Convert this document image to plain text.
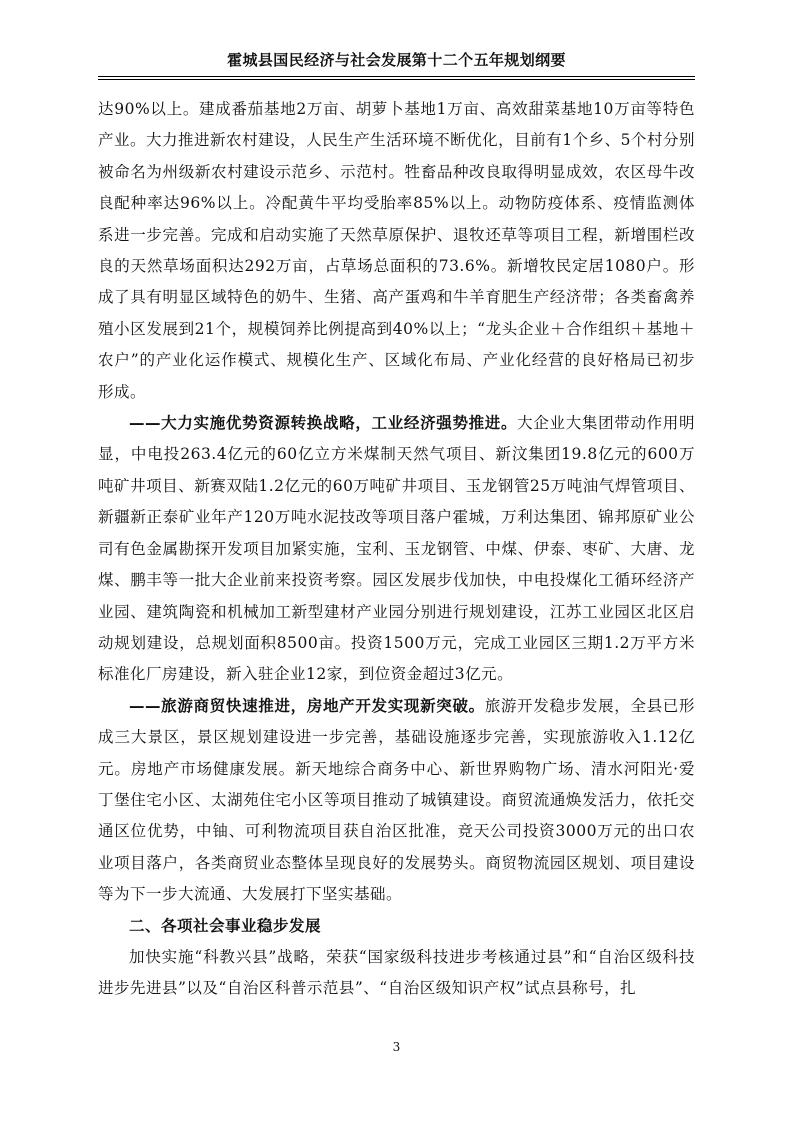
霍城县国民经济与社会发展第十二个五年规划纲要

达90%以上。建成番茄基地2万亩、胡萝卜基地1万亩、高效甜菜基地10万亩等特色产业。大力推进新农村建设，人民生产生活环境不断优化，目前有1个乡、5个村分别被命名为州级新农村建设示范乡、示范村。牲畜品种改良取得明显成效，农区母牛改良配种率达96%以上。冷配黄牛平均受胎率85%以上。动物防疫体系、疫情监测体系进一步完善。完成和启动实施了天然草原保护、退牧还草等项目工程，新增围栏改良的天然草场面积达292万亩，占草场总面积的73.6%。新增牧民定居1080户。形成了具有明显区域特色的奶牛、生猪、高产蛋鸡和牛羊育肥生产经济带；各类畜禽养殖小区发展到21个，规模饲养比例提高到40%以上；“龙头企业＋合作组织＋基地＋农户”的产业化运作模式、规模化生产、区域化布局、产业化经营的良好格局已初步形成。

——大力实施优势资源转换战略，工业经济强势推进。大企业大集团带动作用明显，中电投263.4亿元的60亿立方米煤制天然气项目、新汶集团19.8亿元的600万吨矿井项目、新赛双陆1.2亿元的60万吨矿井项目、玉龙钢管25万吨油气焊管项目、新疆新正泰矿业年产120万吨水泥技改等项目落户霍城，万利达集团、锦邦原矿业公司有色金属勘探开发项目加紧实施，宝利、玉龙钢管、中煤、伊泰、枣矿、大唐、龙煤、鹏丰等一批大企业前来投资考察。园区发展步伐加快，中电投煤化工循环经济产业园、建筑陶瓷和机械加工新型建材产业园分别进行规划建设，江苏工业园区北区启动规划建设，总规划面积8500亩。投资1500万元，完成工业园区三期1.2万平方米标准化厂房建设，新入驻企业12家，到位资金超过3亿元。

——旅游商贸快速推进，房地产开发实现新突破。旅游开发稳步发展，全县已形成三大景区，景区规划建设进一步完善，基础设施逐步完善，实现旅游收入1.12亿元。房地产市场健康发展。新天地综合商务中心、新世界购物广场、清水河阳光·爱丁堡住宅小区、太湖苑住宅小区等项目推动了城镇建设。商贸流通焕发活力，依托交通区位优势，中铀、可利物流项目获自治区批准，竞天公司投资3000万元的出口农业项目落户，各类商贸业态整体呈现良好的发展势头。商贸物流园区规划、项目建设等为下一步大流通、大发展打下坚实基础。

二、各项社会事业稳步发展

加快实施“科教兴县”战略，荣获“国家级科技进步考核通过县”和“自治区级科技进步先进县”以及“自治区科普示范县”、“自治区级知识产权”试点县称号，扎

3
